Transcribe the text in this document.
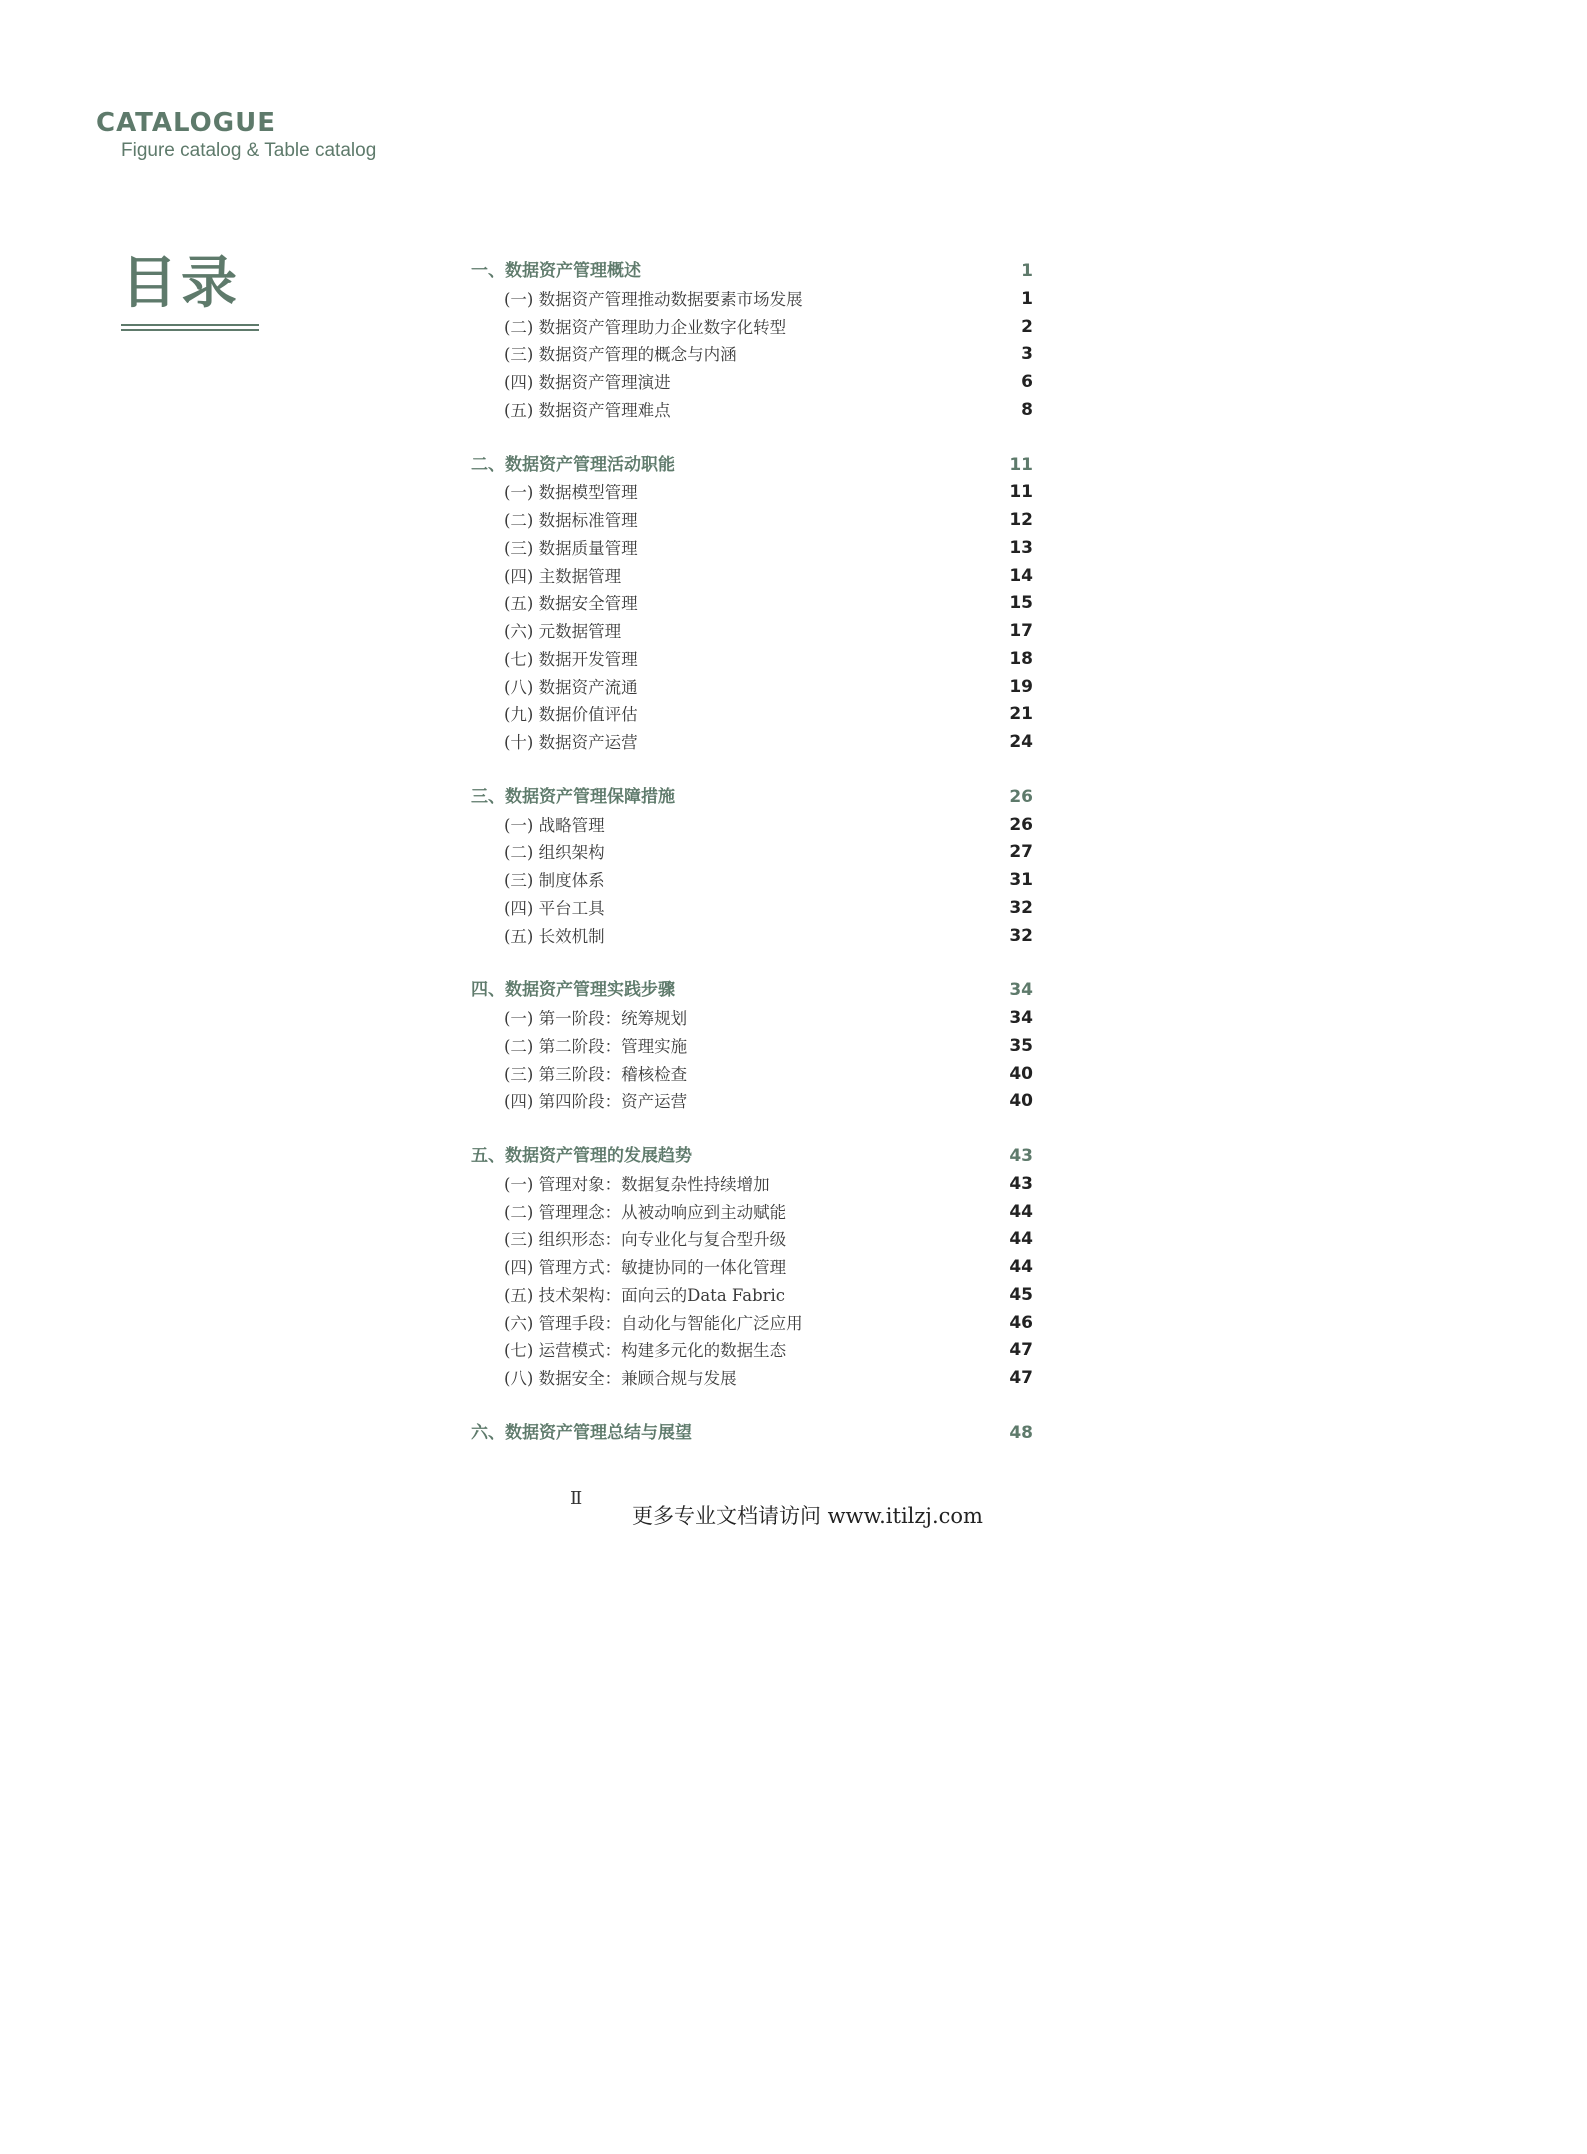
CATALOGUE
Figure catalog & Table catalog
目录	一、数据资产管理概述	1
(一) 数据资产管理推动数据要素市场发展	1
(二) 数据资产管理助力企业数字化转型	2
(三) 数据资产管理的概念与内涵	3
(四) 数据资产管理演进	6
(五) 数据资产管理难点	8
二、数据资产管理活动职能	11
(一) 数据模型管理	11
(二) 数据标准管理	12
(三) 数据质量管理	13
(四) 主数据管理	14
(五) 数据安全管理	15
(六) 元数据管理	17
(七) 数据开发管理	18
(八) 数据资产流通	19
(九) 数据价值评估	21
(十) 数据资产运营	24
三、数据资产管理保障措施	26
(一) 战略管理	26
(二) 组织架构	27
(三) 制度体系	31
(四) 平台工具	32
(五) 长效机制	32
四、数据资产管理实践步骤	34
(一) 第一阶段：统筹规划	34
(二) 第二阶段：管理实施	35
(三) 第三阶段：稽核检查	40
(四) 第四阶段：资产运营	40
五、数据资产管理的发展趋势	43
(一) 管理对象：数据复杂性持续增加	43
(二) 管理理念：从被动响应到主动赋能	44
(三) 组织形态：向专业化与复合型升级	44
(四) 管理方式：敏捷协同的一体化管理	44
(五) 技术架构：面向云的Data Fabric	45
(六) 管理手段：自动化与智能化广泛应用	46
(七) 运营模式：构建多元化的数据生态	47
(八) 数据安全：兼顾合规与发展	47
六、数据资产管理总结与展望	48
Ⅱ
更多专业文档请访问 www.itilzj.com
